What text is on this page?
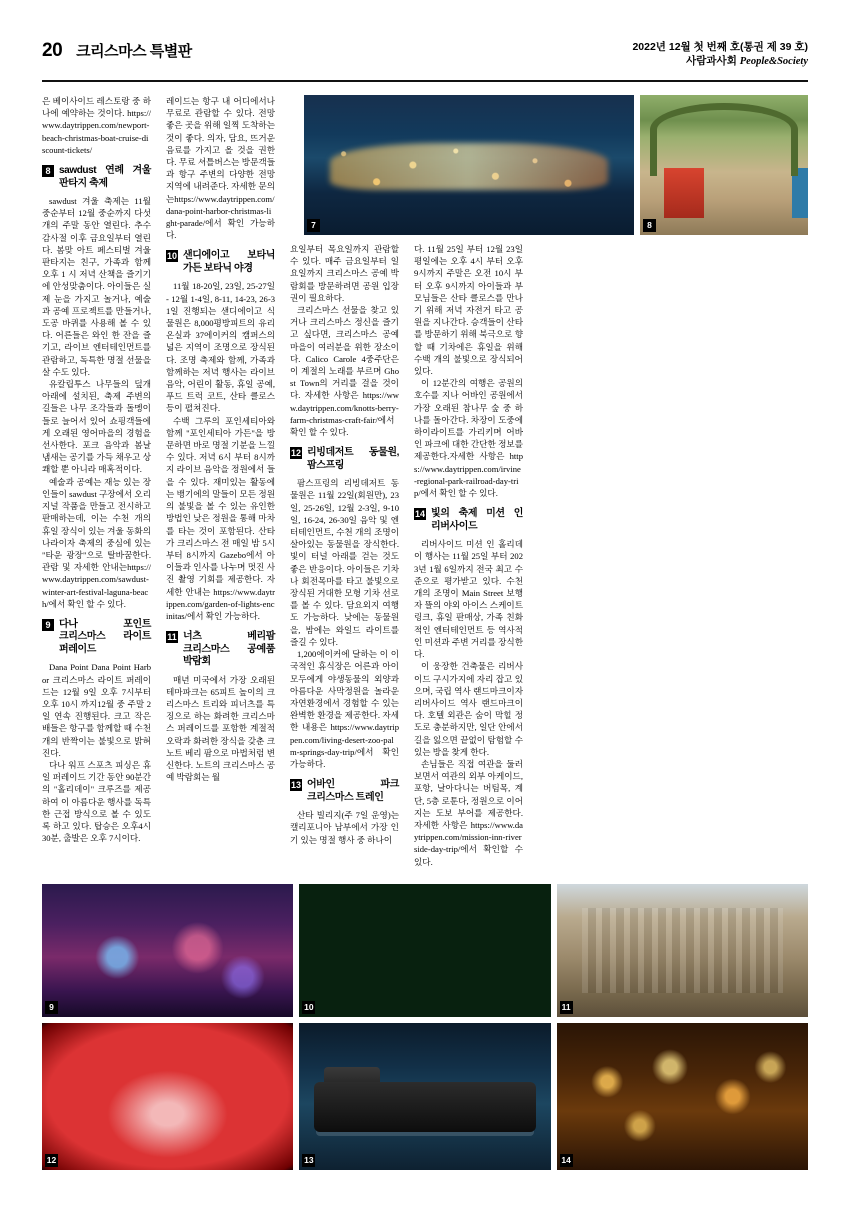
20 크리스마스 특별판	2022년 12월 첫 번째 호(통권 제 39 호)
사람과사회 People&Society
7	8

은 베이사이드 레스토랑 중 하나에 예약하는 것이다. https://www.daytrippen.com/newport-beach-christmas-boat-cruise-discount-tickets/

8 sawdust 연례 겨울 판타지 축제

sawdust 겨울 축제는 11월 중순부터 12월 중순까지 다섯 개의 주말 동안 열린다. 추수감사절 이후 금요일부터 열린다. 봄맞 아트 페스티벌 겨울 판타지는 친구, 가족과 함께 오후 1 시 저녁 산책을 즐기기에 안성맞춤이다. 아이들은 실제 눈을 가지고 놀거나, 예술과 공예 프로젝트를 만들거나, 도공 바퀴를 사용해 볼 수 있다. 어른들은 와인 한 잔을 즐기고, 라이브 엔터테인먼트를 관람하고, 독특한 명절 선물을 살 수도 있다.

유칼립투스 나무들의 덮개 아래에 설치된, 축제 주변의 길들은 나무 조각들과 돌멩이들로 늘어서 있어 쇼핑객들에게 오래된 영어마을의 경험을 선사한다. 포크 음악과 봄날 냄새는 공기를 가득 채우고 상쾌할 뿐 아니라 매혹적이다.

예술과 공예는 재능 있는 장인들이 sawdust 구장에서 오리지널 작품을 만들고 전시하고 판매하는데, 이는 수천 개의 휴일 장식이 있는 겨울 동화의 나라이자 축제의 중심에 있는 "타운 광장"으로 탈바꿈한다. 관람 및 자세한 안내는https://www.daytrippen.com/sawdust-winter-art-festival-laguna-beach/에서 확인 할 수 있다.

9 다나 포인트 크리스마스 라이트 퍼레이드

Dana Point Dana Point Harbor 크리스마스 라이트 퍼레이드는 12월 9일 오후 7시부터 오후 10시 까지12월 중 주말 2일 연속 진행된다. 크고 작은 배들은 항구를 함께할 때 수천 개의 반짝이는 불빛으로 밝혀진다.

다나 워프 스포츠 피싱은 휴일 퍼레이드 기간 동안 90분간의 "홀리데이" 크루즈를 제공하여 이 아름다운 행사를 독특한 근접 방식으로 볼 수 있도록 하고 있다. 탑승은 오후4시 30분, 출발은 오후 7시이다.

레이드는 항구 내 어디에서나 무료로 관람할 수 있다. 전망 좋은 곳을 위해 일찍 도착하는 것이 좋다. 의자, 담요, 뜨거운 음료를 가지고 올 것을 권한다. 무료 셔틀버스는 방문객들과 항구 주변의 다양한 전망 지역에 내려준다. 자세한 문의는https://www.daytrippen.com/dana-point-harbor-christmas-light-parade/에서 확인 가능하다.

10 샌디에이고 보타닉 가든 보타닉 야경

11월 18-20일, 23일, 25-27일 - 12월 1-4일, 8-11, 14-23, 26-31일 진행되는 샌디에이고 식물원은 8,000평방피트의 유리 온실과 37에이커의 캠퍼스의 넓은 지역이 조명으로 장식된다. 조명 축제와 함께, 가족과 함께하는 저녁 행사는 라이브 음악, 어린이 활동, 휴일 공예, 푸드 트럭 코트, 산타 클로스 등이 펼쳐진다.

수백 그루의 포인세티아와 함께 "포인세티아 가든"을 방문하면 바로 명절 기분을 느낄 수 있다. 저녁 6시 부터 8시까지 라이브 음악을 정원에서 들을 수 있다. 재미있는 활동에는 뱅기에의 말들이 모든 정원의 불빛을 볼 수 있는 유인한 방법인 낮은 정원을 통해 마차를 타는 것이 포함된다. 산타가 크리스마스 전 매일 밤 5시부터 8시까지 Gazebo에서 아이들과 인사를 나누며 멋진 사진 촬영 기회를 제공한다. 자세한 안내는 https://www.daytrippen.com/garden-of-lights-encinitas/에서 확인 가능하다.

11 너츠 베리팜 크리스마스 공예품 박람회

매년 미국에서 가장 오래된 테마파크는 65피트 높이의 크리스마스 트리와 피너츠를 특징으로 하는 화려한 크리스마스 퍼레이드를 포함한 계절적 오락과 화려한 장식을 갖춘 크노트 베리 팜으로 마법처럼 변신한다. 노트의 크리스마스 공예 박람회는 월

요일부터 목요일까지 관람할 수 있다. 매주 금요일부터 일요일까지 크리스마스 공예 박람회를 방문하려면 공원 입장권이 필요하다.

크리스마스 선물을 찾고 있거나 크리스마스 정신을 즐기고 싶다면, 크리스마스 공예 마을이 여러분을 위한 장소이다. Calico Carole 4중주단은 이 계절의 노래를 부르며 Ghost Town의 거리를 걸을 것이다. 자세한 사항은 https://www.daytrippen.com/knotts-berry-farm-christmas-craft-fair/에서 확인 할 수 있다.

12 리빙데저트 동물원, 팜스프링

팜스프링의 리빙데저트 동물원은 11월 22일(회원만), 23일, 25-26일, 12월 2-3일, 9-10일, 16-24, 26-30일 음악 및 엔터테인먼트, 수천 개의 조명이 살아있는 동물원을 장식한다. 빛이 터널 아래를 걷는 것도 좋은 반응이다. 아이들은 기차나 회전목마를 타고 불빛으로 장식된 거대한 모형 기차 선로를 볼 수 있다. 담요외지 여행도 가능하다. 낮에는 동물원을, 밤에는 와일드 라이트를 즐길 수 있다.

1,200에이커에 달하는 이 이국적인 휴식장은 어른과 아이 모두에게 야생동물의 외양과 아름다운 사막정원을 놀라운 자연환경에서 경험할 수 있는 완벽한 환경을 제공한다. 자세한 내용은 https://www.daytrippen.com/living-desert-zoo-palm-springs-day-trip/에서 확인 가능하다.

13 어바인 파크 크리스마스 트레인

산타 빌리지(주 7일 운영)는 캘리포니아 남부에서 가장 인기 있는 명절 행사 중 하나이

다. 11월 25일 부터 12월 23일 평일에는 오후 4시 부터 오후 9시까지 주말은 오전 10시 부터 오후 9시까지 아이들과 부모님들은 산타 클로스를 만나기 위해 저녁 자전거 타고 공원을 지나간다. 승객들이 산타를 방문하기 위해 북극으로 향할 때 기차에은 휴일을 위해 수백 개의 불빛으로 장식되어 있다.

이 12분간의 여행은 공원의 호수를 지나 어바인 공원에서 가장 오래된 참나무 숲 중 하나를 돌아간다. 차장이 도중에 하이라이트를 가리키며 어바인 파크에 대한 간단한 정보를 제공한다.자세한 사항은 https://www.daytrippen.com/irvine-regional-park-railroad-day-trip/에서 확인 할 수 있다.

14 빛의 축제 미션 인 리버사이드

리버사이드 미션 인 홀리데이 행사는 11월 25일 부터 2023년 1월 6일까지 전국 최고 수준으로 평가받고 있다. 수천 개의 조명이 Main Street 보행자 뜰의 야외 아이스 스케이트 링크, 휴일 판매상, 가족 친화적인 엔터테인먼트 등 역사적인 미션과 주변 거리를 장식한다.

이 웅장한 건축물은 리버사이드 구시가지에 자리 잡고 있으며, 국립 역사 랜드마크이자 리버사이드 역사 랜드마크이다. 호텔 외관은 숨이 막힐 정도로 충분하지만, 일단 안에서 길을 잃으면 끝없이 탐험할 수 있는 방을 찾게 한다.

손님들은 직접 여관을 둘러보면서 여관의 외부 아케이드, 포항, 날아다니는 버팀목, 계단, 5층 로툰다, 정원으로 이어지는 도보 부어를 제공한다. 자세한 사항은 https://www.daytrippen.com/mission-inn-riverside-day-trip/에서 확인할 수 있다.

9	10	11
12	13	14
